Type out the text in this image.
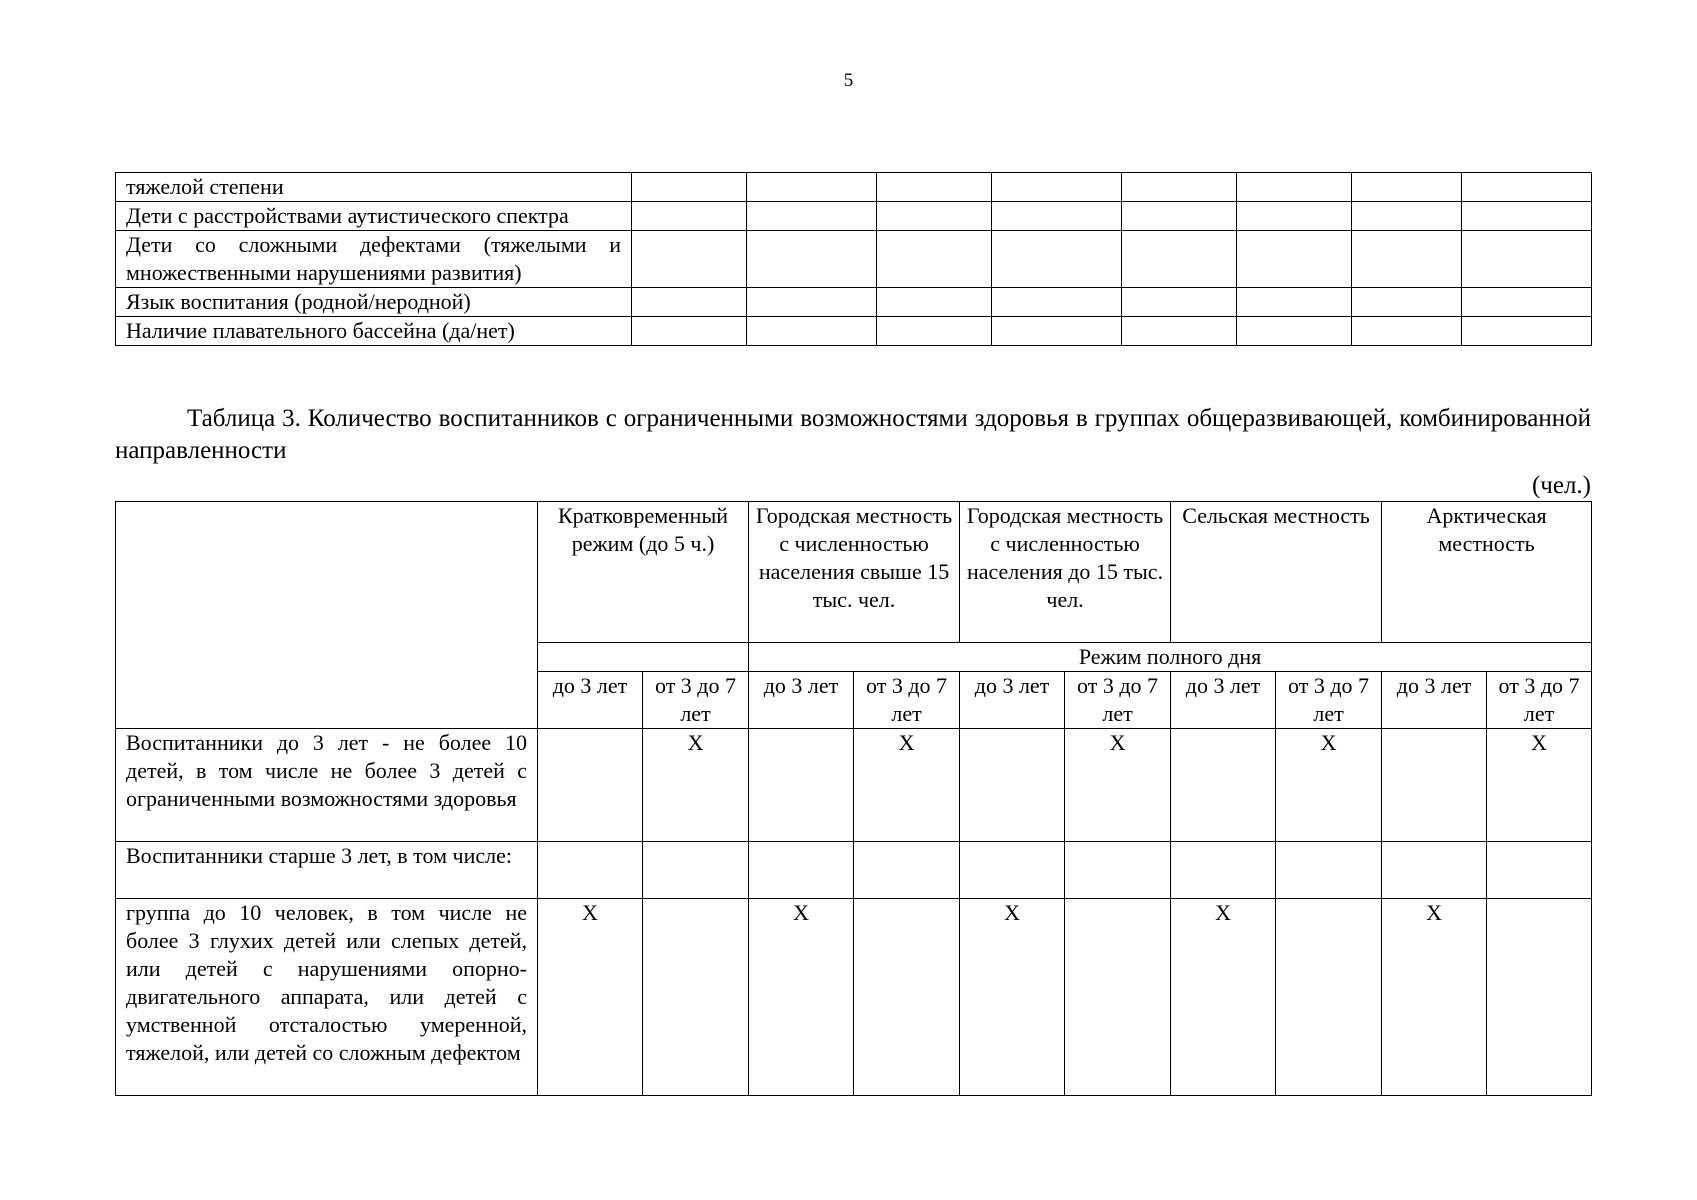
5
тяжелой степени								
Дети с расстройствами аутистического спектра								
Дети со сложными дефектами (тяжелыми и множественными нарушениями развития)								
Язык воспитания (родной/неродной)								
Наличие плавательного бассейна (да/нет)								
Таблица 3. Количество воспитанников с ограниченными возможностями здоровья в группах общеразвивающей, комбинированной направленности
(чел.)
	Кратковременный режим (до 5 ч.)		Городская местность с численностью населения свыше 15 тыс. чел.		Городская местность с численностью населения до 15 тыс. чел.		Сельская местность		Арктическая местность	
			Режим полного дня							
	до 3 лет	от 3 до 7 лет	до 3 лет	от 3 до 7 лет	до 3 лет	от 3 до 7 лет	до 3 лет	от 3 до 7 лет	до 3 лет	от 3 до 7 лет
Воспитанники до 3 лет - не более 10 детей, в том числе не более 3 детей с ограниченными возможностями здоровья		X		X		X		X		X
Воспитанники старше 3 лет, в том числе:										
группа до 10 человек, в том числе не более 3 глухих детей или слепых детей, или детей с нарушениями опорно-двигательного аппарата, или детей с умственной отсталостью умеренной, тяжелой, или детей со сложным дефектом	X		X		X		X		X	
